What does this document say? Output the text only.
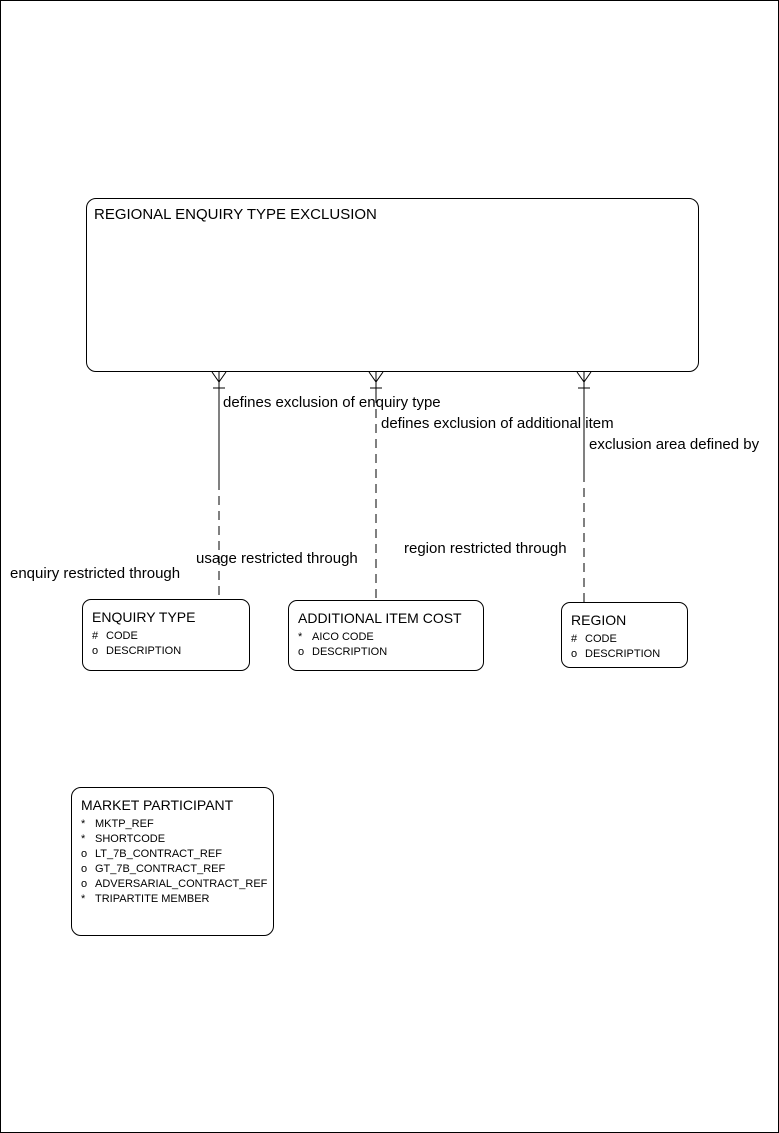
REGIONAL ENQUIRY TYPE EXCLUSION
defines exclusion of enquiry type
defines exclusion of additional item
exclusion area defined by
enquiry restricted through
usage restricted through
region restricted through
ENQUIRY TYPE
# CODE
o DESCRIPTION
ADDITIONAL ITEM COST
* AICO CODE
o DESCRIPTION
REGION
# CODE
o DESCRIPTION
MARKET PARTICIPANT
* MKTP_REF
* SHORTCODE
o LT_7B_CONTRACT_REF
o GT_7B_CONTRACT_REF
o ADVERSARIAL_CONTRACT_REF
* TRIPARTITE MEMBER
